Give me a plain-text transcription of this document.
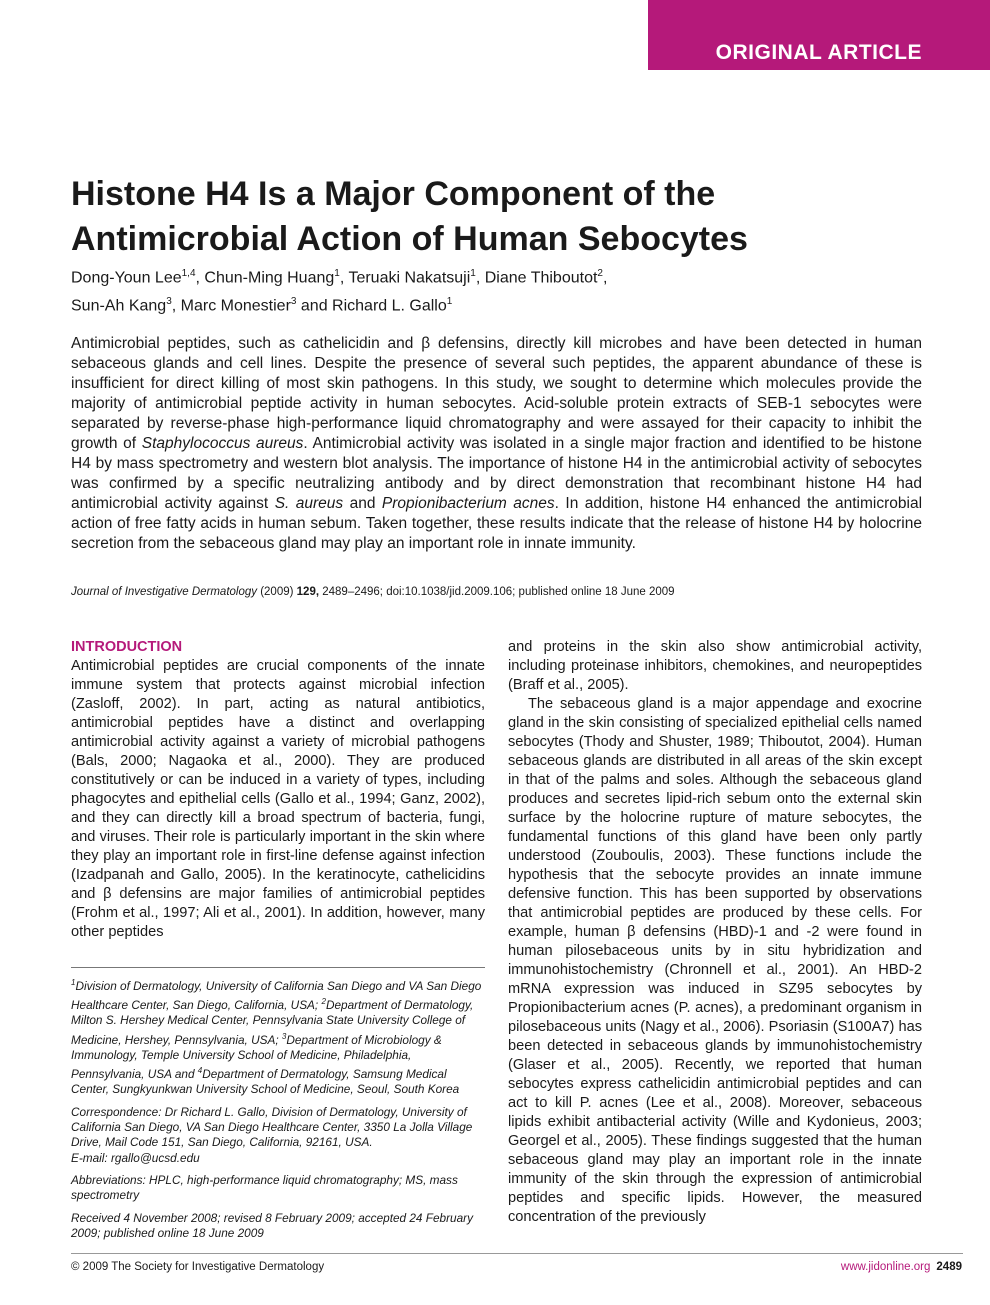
ORIGINAL ARTICLE
Histone H4 Is a Major Component of the Antimicrobial Action of Human Sebocytes
Dong-Youn Lee$^{1,4}$, Chun-Ming Huang$^1$, Teruaki Nakatsuji$^1$, Diane Thiboutot$^2$,
Sun-Ah Kang$^3$, Marc Monestier$^3$ and Richard L. Gallo$^1$

Antimicrobial peptides, such as cathelicidin and β defensins, directly kill microbes and have been detected in human sebaceous glands and cell lines. Despite the presence of several such peptides, the apparent abundance of these is insufficient for direct killing of most skin pathogens. In this study, we sought to determine which molecules provide the majority of antimicrobial peptide activity in human sebocytes. Acid-soluble protein extracts of SEB-1 sebocytes were separated by reverse-phase high-performance liquid chromatography and were assayed for their capacity to inhibit the growth of Staphylococcus aureus. Antimicrobial activity was isolated in a single major fraction and identified to be histone H4 by mass spectrometry and western blot analysis. The importance of histone H4 in the antimicrobial activity of sebocytes was confirmed by a specific neutralizing antibody and by direct demonstration that recombinant histone H4 had antimicrobial activity against S. aureus and Propionibacterium acnes. In addition, histone H4 enhanced the antimicrobial action of free fatty acids in human sebum. Taken together, these results indicate that the release of histone H4 by holocrine secretion from the sebaceous gland may play an important role in innate immunity.

Journal of Investigative Dermatology (2009) 129, 2489–2496; doi:10.1038/jid.2009.106; published online 18 June 2009

INTRODUCTION

Antimicrobial peptides are crucial components of the innate immune system that protects against microbial infection (Zasloff, 2002). In part, acting as natural antibiotics, antimicrobial peptides have a distinct and overlapping antimicrobial activity against a variety of microbial pathogens (Bals, 2000; Nagaoka et al., 2000). They are produced constitutively or can be induced in a variety of types, including phagocytes and epithelial cells (Gallo et al., 1994; Ganz, 2002), and they can directly kill a broad spectrum of bacteria, fungi, and viruses. Their role is particularly important in the skin where they play an important role in first-line defense against infection (Izadpanah and Gallo, 2005). In the keratinocyte, cathelicidins and β defensins are major families of antimicrobial peptides (Frohm et al., 1997; Ali et al., 2001). In addition, however, many other peptides

and proteins in the skin also show antimicrobial activity, including proteinase inhibitors, chemokines, and neuropeptides (Braff et al., 2005).

The sebaceous gland is a major appendage and exocrine gland in the skin consisting of specialized epithelial cells named sebocytes (Thody and Shuster, 1989; Thiboutot, 2004). Human sebaceous glands are distributed in all areas of the skin except in that of the palms and soles. Although the sebaceous gland produces and secretes lipid-rich sebum onto the external skin surface by the holocrine rupture of mature sebocytes, the fundamental functions of this gland have been only partly understood (Zouboulis, 2003). These functions include the hypothesis that the sebocyte provides an innate immune defensive function. This has been supported by observations that antimicrobial peptides are produced by these cells. For example, human β defensins (HBD)-1 and -2 were found in human pilosebaceous units by in situ hybridization and immunohistochemistry (Chronnell et al., 2001). An HBD-2 mRNA expression was induced in SZ95 sebocytes by Propionibacterium acnes (P. acnes), a predominant organism in pilosebaceous units (Nagy et al., 2006). Psoriasin (S100A7) has been detected in sebaceous glands by immunohistochemistry (Glaser et al., 2005). Recently, we reported that human sebocytes express cathelicidin antimicrobial peptides and can act to kill P. acnes (Lee et al., 2008). Moreover, sebaceous lipids exhibit antibacterial activity (Wille and Kydonieus, 2003; Georgel et al., 2005). These findings suggested that the human sebaceous gland may play an important role in the innate immunity of the skin through the expression of antimicrobial peptides and specific lipids. However, the measured concentration of the previously

$^1$Division of Dermatology, University of California San Diego and VA San Diego Healthcare Center, San Diego, California, USA; $^2$Department of Dermatology, Milton S. Hershey Medical Center, Pennsylvania State University College of Medicine, Hershey, Pennsylvania, USA; $^3$Department of Microbiology & Immunology, Temple University School of Medicine, Philadelphia, Pennsylvania, USA and $^4$Department of Dermatology, Samsung Medical Center, Sungkyunkwan University School of Medicine, Seoul, South Korea

Correspondence: Dr Richard L. Gallo, Division of Dermatology, University of California San Diego, VA San Diego Healthcare Center, 3350 La Jolla Village Drive, Mail Code 151, San Diego, California, 92161, USA.
E-mail: rgallo@ucsd.edu

Abbreviations: HPLC, high-performance liquid chromatography; MS, mass spectrometry

Received 4 November 2008; revised 8 February 2009; accepted 24 February 2009; published online 18 June 2009

© 2009 The Society for Investigative Dermatology	www.jidonline.org 2489
